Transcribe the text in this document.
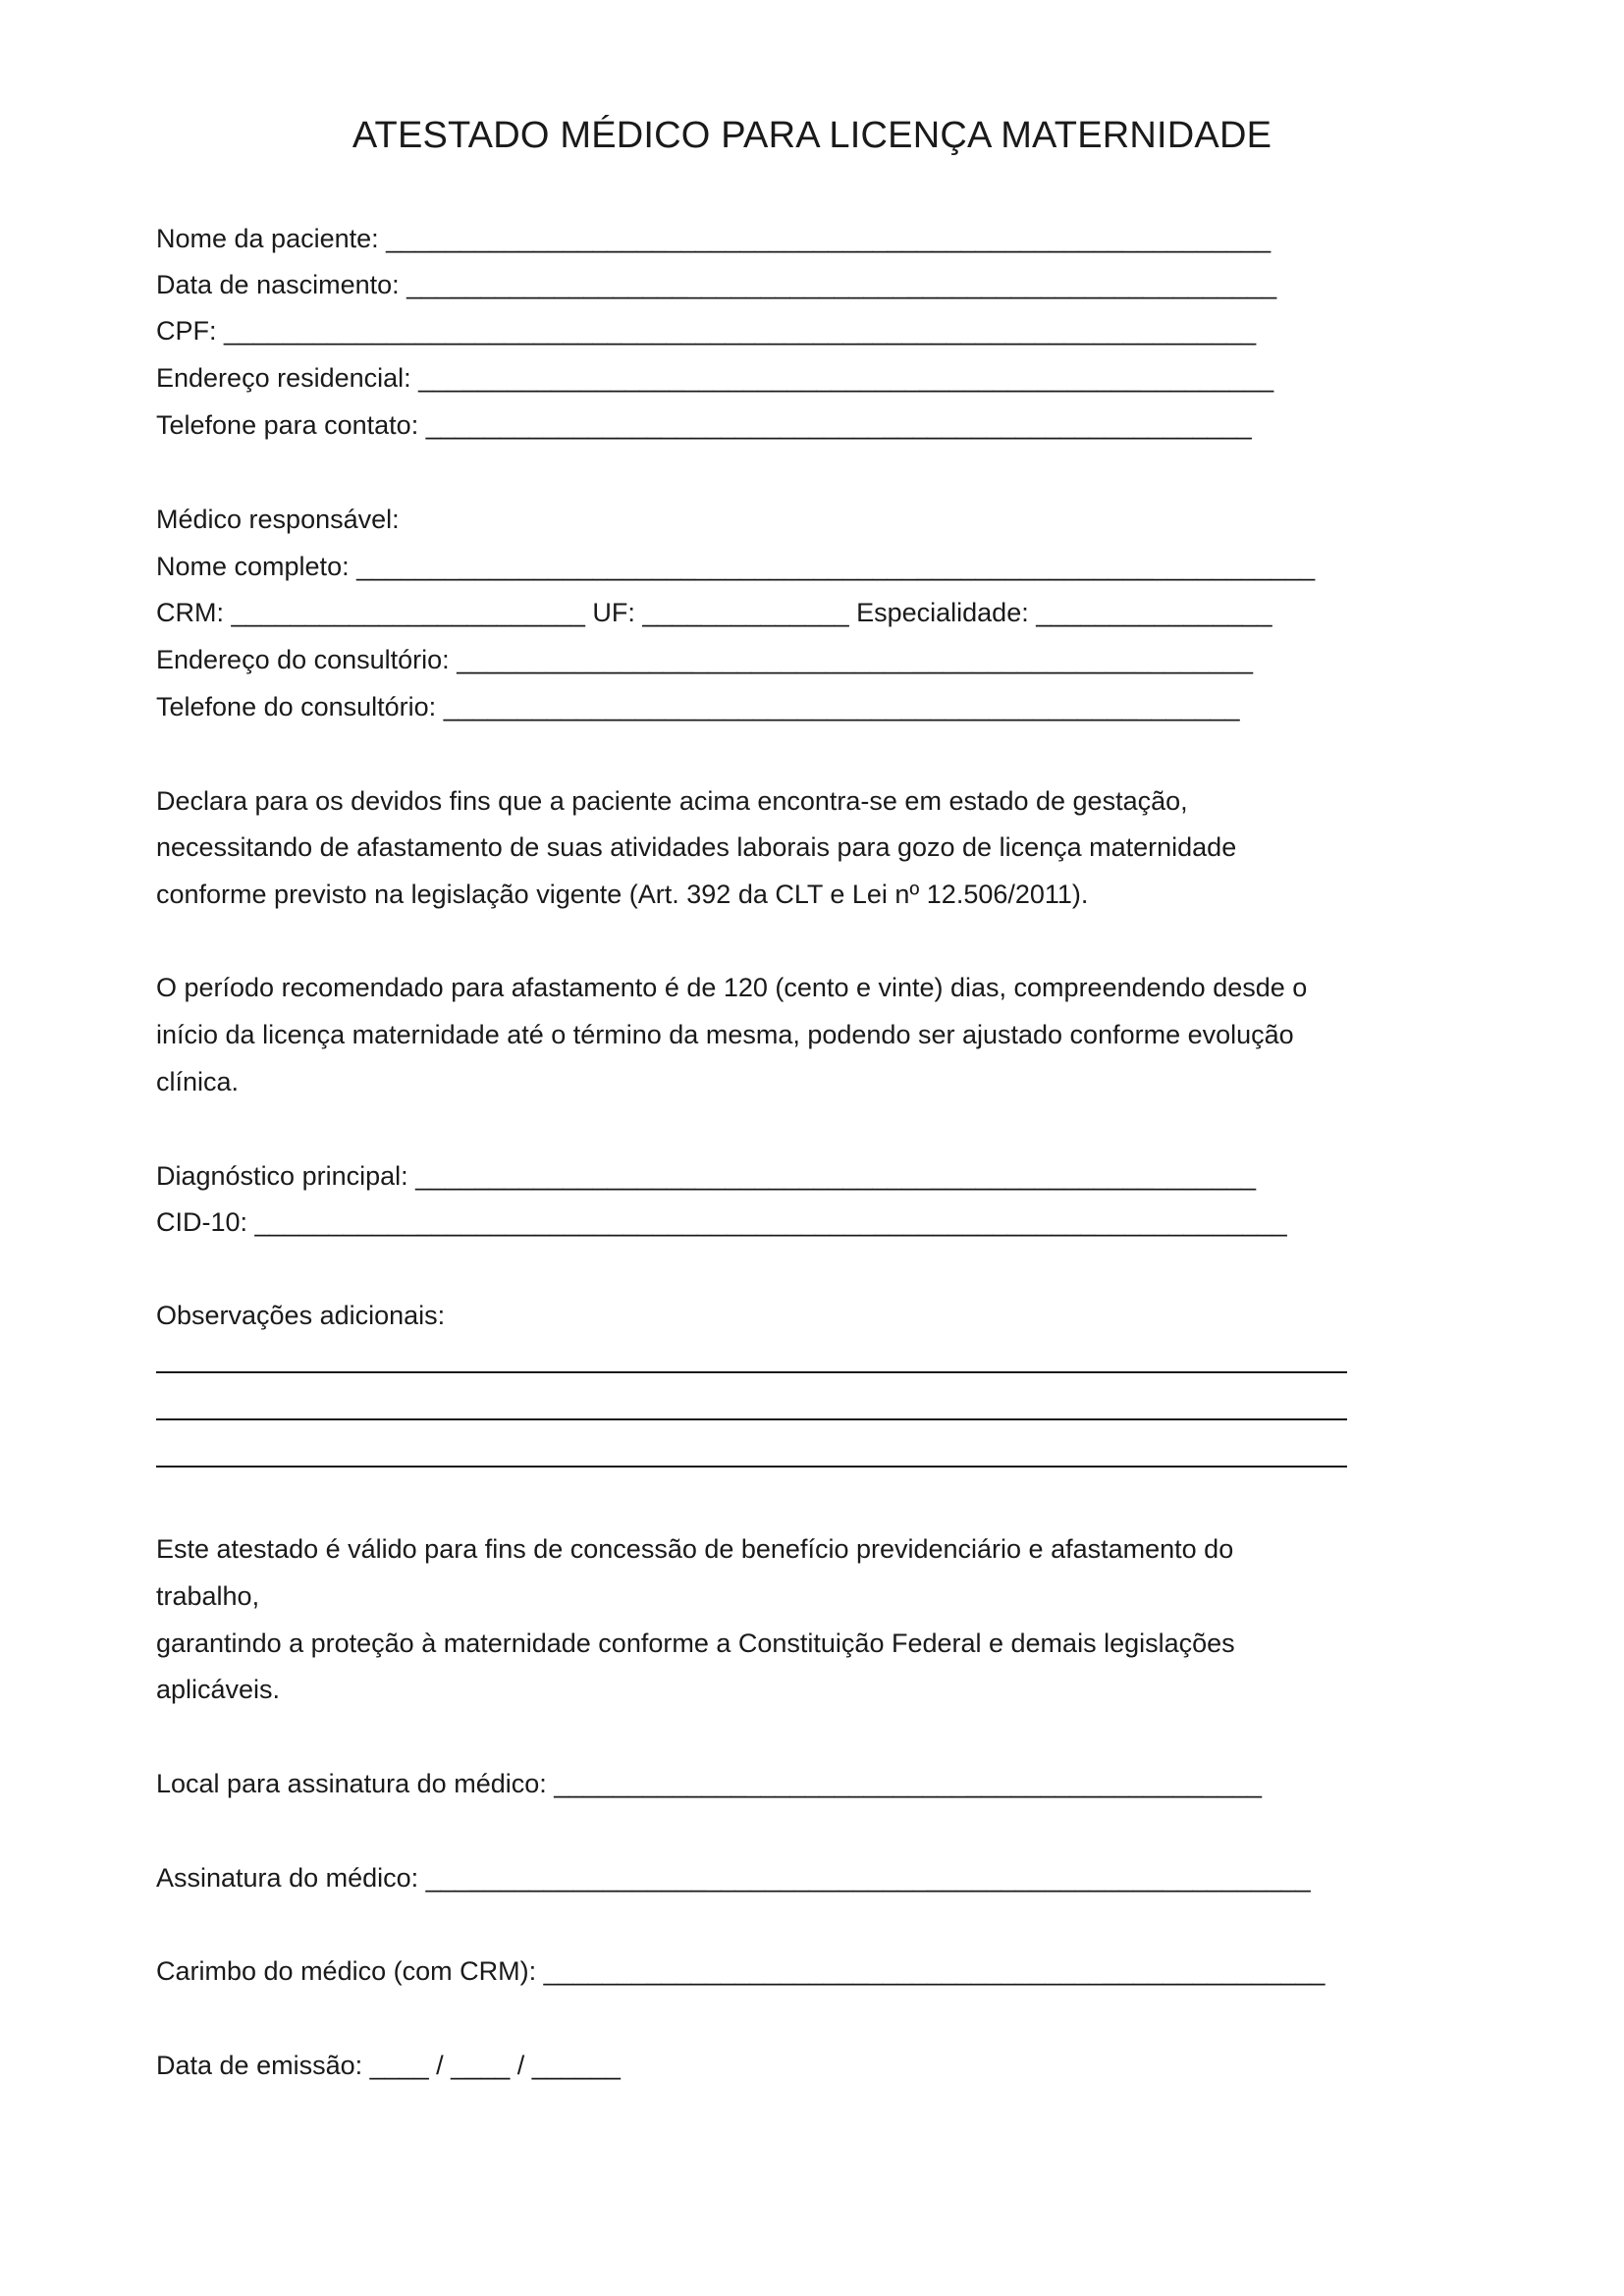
ATESTADO MÉDICO PARA LICENÇA MATERNIDADE

Nome da paciente: ____________________________________________________________

Data de nascimento: ___________________________________________________________

CPF: ______________________________________________________________________

Endereço residencial: __________________________________________________________

Telefone para contato: ________________________________________________________

Médico responsável:

Nome completo: _________________________________________________________________

CRM: ________________________ UF: ______________ Especialidade: ________________

Endereço do consultório: ______________________________________________________

Telefone do consultório: ______________________________________________________

Declara para os devidos fins que a paciente acima encontra-se em estado de gestação,

necessitando de afastamento de suas atividades laborais para gozo de licença maternidade

conforme previsto na legislação vigente (Art. 392 da CLT e Lei nº 12.506/2011).

O período recomendado para afastamento é de 120 (cento e vinte) dias, compreendendo desde o

início da licença maternidade até o término da mesma, podendo ser ajustado conforme evolução

clínica.

Diagnóstico principal: _________________________________________________________

CID-10: ______________________________________________________________________

Observações adicionais:

Este atestado é válido para fins de concessão de benefício previdenciário e afastamento do

trabalho,

garantindo a proteção à maternidade conforme a Constituição Federal e demais legislações

aplicáveis.

Local para assinatura do médico: ________________________________________________

Assinatura do médico: ____________________________________________________________

Carimbo do médico (com CRM): _____________________________________________________

Data de emissão: ____ / ____ / ______
